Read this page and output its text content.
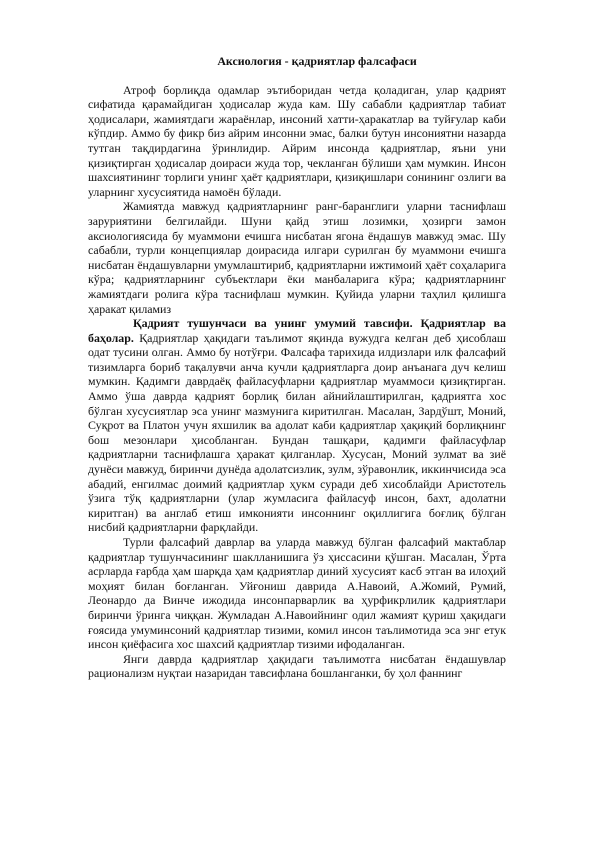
Аксиология - қадриятлар фалсафаси

Атроф борлиқда одамлар эътиборидан четда қоладиган, улар қадрият сифатида қарамайдиган ҳодисалар жуда кам. Шу сабабли қадриятлар табиат ҳодисалари, жамиятдаги жараёнлар, инсоний хатти-ҳаракатлар ва туйғулар каби кўпдир. Аммо бу фикр биз айрим инсонни эмас, балки бутун инсониятни назарда тутган тақдирдагина ўринлидир. Айрим инсонда қадриятлар, яъни уни қизиқтирган ҳодисалар доираси жуда тор, чекланган бўлиши ҳам мумкин. Инсон шахсиятининг торлиги унинг ҳаёт қадриятлари, қизиқишлари сонининг озлиги ва уларнинг хусусиятида намоён бўлади.

Жамиятда мавжуд қадриятларнинг ранг-баранглиги уларни таснифлаш заруриятини белгилайди. Шуни қайд этиш лозимки, ҳозирги замон аксиологиясида бу муаммони ечишга нисбатан ягона ёндашув мавжуд эмас. Шу сабабли, турли концепциялар доирасида илгари сурилган бу муаммони ечишга нисбатан ёндашувларни умумлаштириб, қадриятларни ижтимоий ҳаёт соҳаларига кўра; қадриятларнинг субъектлари ёки манбаларига кўра; қадриятларнинг жамиятдаги ролига кўра таснифлаш мумкин. Қуйида уларни таҳлил қилишга ҳаракат қиламиз

Қадрият тушунчаси ва унинг умумий тавсифи. Қадриятлар ва баҳолар. Қадриятлар ҳақидаги таълимот яқинда вужудга келган деб ҳисоблаш одат тусини олган. Аммо бу нотўғри. Фалсафа тарихида илдизлари илк фалсафий тизимларга бориб тақалувчи анча кучли қадриятларга доир анъанага дуч келиш мумкин. Қадимги даврдаёқ файласуфларни қадриятлар муаммоси қизиқтирган. Аммо ўша даврда қадрият борлиқ билан айнийлаштирилган, қадриятга хос бўлган хусусиятлар эса унинг мазмунига киритилган. Масалан, Зардўшт, Моний, Суқрот ва Платон учун яхшилик ва адолат каби қадриятлар ҳақиқий борлиқнинг бош мезонлари ҳисобланган. Бундан ташқари, қадимги файласуфлар қадриятларни таснифлашга ҳаракат қилганлар. Хусусан, Моний зулмат ва зиё дунёси мавжуд, биринчи дунёда адолатсизлик, зулм, зўравонлик, иккинчисида эса абадий, енгилмас доимий қадриятлар ҳукм суради деб хисоблайди Аристотель ўзига тўқ қадриятларни (улар жумласига файласуф инсон, бахт, адолатни киритган) ва англаб етиш имконияти инсоннинг оқиллигига боғлиқ бўлган нисбий қадриятларни фарқлайди.

Турли фалсафий даврлар ва уларда мавжуд бўлган фалсафий мактаблар қадриятлар тушунчасининг шаклланишига ўз ҳиссасини қўшган. Масалан, Ўрта асрларда ғарбда ҳам шарқда ҳам қадриятлар диний хусусият касб этган ва илоҳий моҳият билан боғланган. Уйғониш даврида А.Навоий, А.Жомий, Румий, Леонардо да Винче ижодида инсонпарварлик ва ҳурфикрлилик қадриятлари биринчи ўринга чиққан. Жумладан А.Навоийнинг одил жамият қуриш ҳақидаги ғоясида умуминсоний қадриятлар тизими, комил инсон таълимотида эса энг етук инсон қиёфасига хос шахсий қадриятлар тизими ифодаланган.

Янги даврда қадриятлар ҳақидаги таълимотга нисбатан ёндашувлар рационализм нуқтаи назаридан тавсифлана бошланганки, бу ҳол фаннинг
